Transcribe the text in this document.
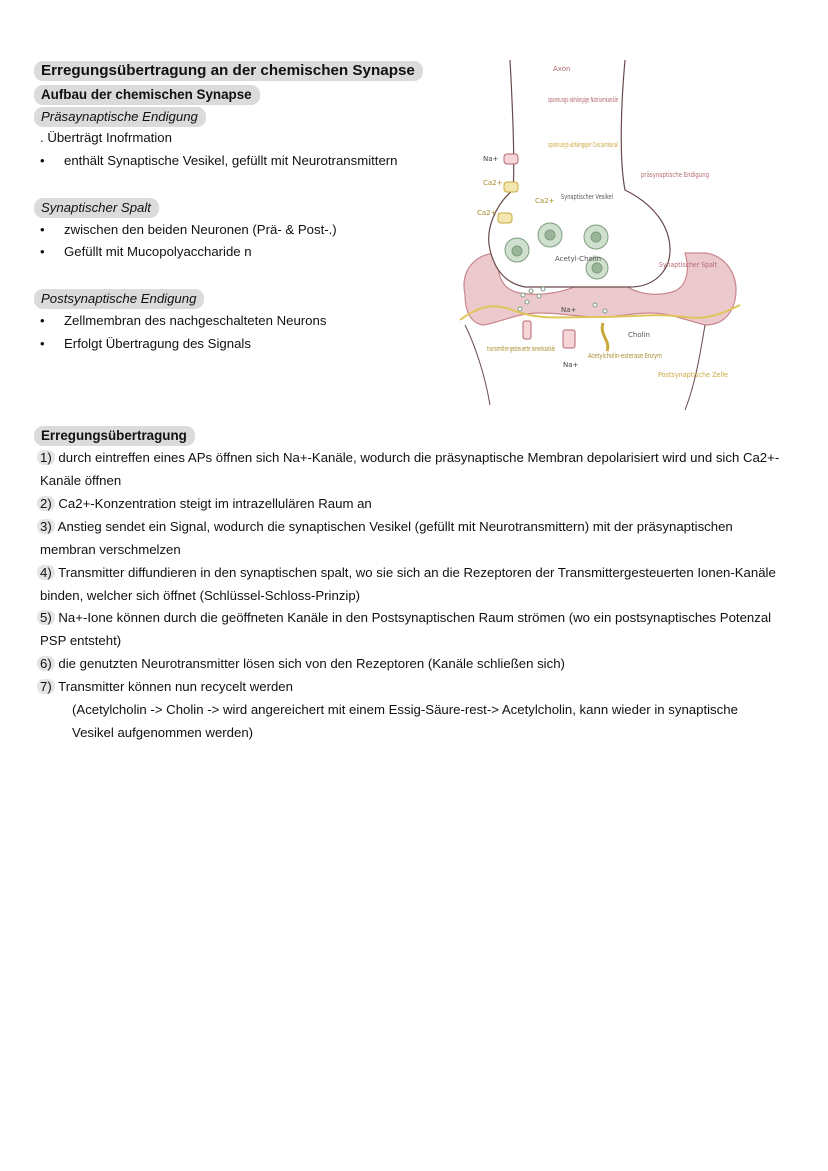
Erregungsübertragung an der chemischen Synapse
Aufbau der chemischen Synapse
Präsaynaptische Endigung
. Überträgt Inofrmation
• enthält Synaptische Vesikel, gefüllt mit Neurotransmittern
Synaptischer Spalt
• zwischen den beiden Neuronen (Prä- & Post-.)
• Gefüllt mit Mucopolyaccharide n
Postsynaptische Endigung
• Zellmembran des nachgeschalteten Neurons
• Erfolgt Übertragung des Signals
Na+
Ca2+
Ca2+
Ca2+
Axon
spannungs-abhängige Natriumkanäle
spannungs-abhängiger Calciumkanal
präsynaptische Endigung
Synaptischer Vesikel
Acetyl-Cholin
Synaptischer Spalt
Cholin
transmitter-gesteuerte Ionenkanäle
Acetylcholin-esterase Enzym
Postsynaptische Zelle
Na+
Na+
Erregungsübertragung
1) durch eintreffen eines APs öffnen sich Na+-Kanäle, wodurch die präsynaptische Membran depolarisiert wird und sich Ca2+-Kanäle öffnen
2) Ca2+-Konzentration steigt im intrazellulären Raum an
3) Anstieg sendet ein Signal, wodurch die synaptischen Vesikel (gefüllt mit Neurotransmittern) mit der präsynaptischen membran verschmelzen
4) Transmitter diffundieren in den synaptischen spalt, wo sie sich an die Rezeptoren der Transmittergesteuerten Ionen-Kanäle binden, welcher sich öffnet (Schlüssel-Schloss-Prinzip)
5) Na+-Ione können durch die geöffneten Kanäle in den Postsynaptischen Raum strömen (wo ein postsynaptisches Potenzal PSP entsteht)
6) die genutzten Neurotransmitter lösen sich von den Rezeptoren (Kanäle schließen sich)
7) Transmitter können nun recycelt werden
(Acetylcholin -> Cholin -> wird angereichert mit einem Essig-Säure-rest-> Acetylcholin, kann wieder in synaptische Vesikel aufgenommen werden)
